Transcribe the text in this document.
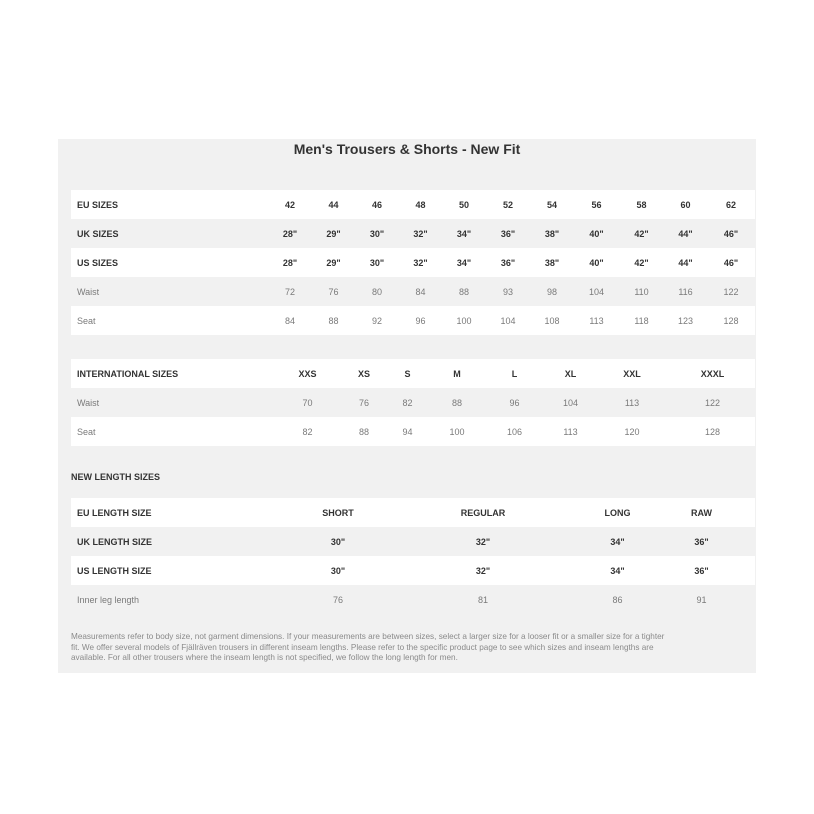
Men's Trousers & Shorts - New Fit
EU SIZES	42	44	46	48	50	52	54	56	58	60	62
UK SIZES	28"	29"	30"	32"	34"	36"	38"	40"	42"	44"	46"
US SIZES	28"	29"	30"	32"	34"	36"	38"	40"	42"	44"	46"
Waist	72	76	80	84	88	93	98	104	110	116	122
Seat	84	88	92	96	100	104	108	113	118	123	128
INTERNATIONAL SIZES	XXS	XS	S	M	L	XL	XXL	XXXL
Waist	70	76	82	88	96	104	113	122
Seat	82	88	94	100	106	113	120	128
NEW LENGTH SIZES
EU LENGTH SIZE	SHORT	REGULAR	LONG	RAW
UK LENGTH SIZE	30"	32"	34"	36"
US LENGTH SIZE	30"	32"	34"	36"
Inner leg length	76	81	86	91

Measurements refer to body size, not garment dimensions. If your measurements are between sizes, select a larger size for a looser fit or a smaller size for a tighter

fit. We offer several models of Fjällräven trousers in different inseam lengths. Please refer to the specific product page to see which sizes and inseam lengths are

available. For all other trousers where the inseam length is not specified, we follow the long length for men.
